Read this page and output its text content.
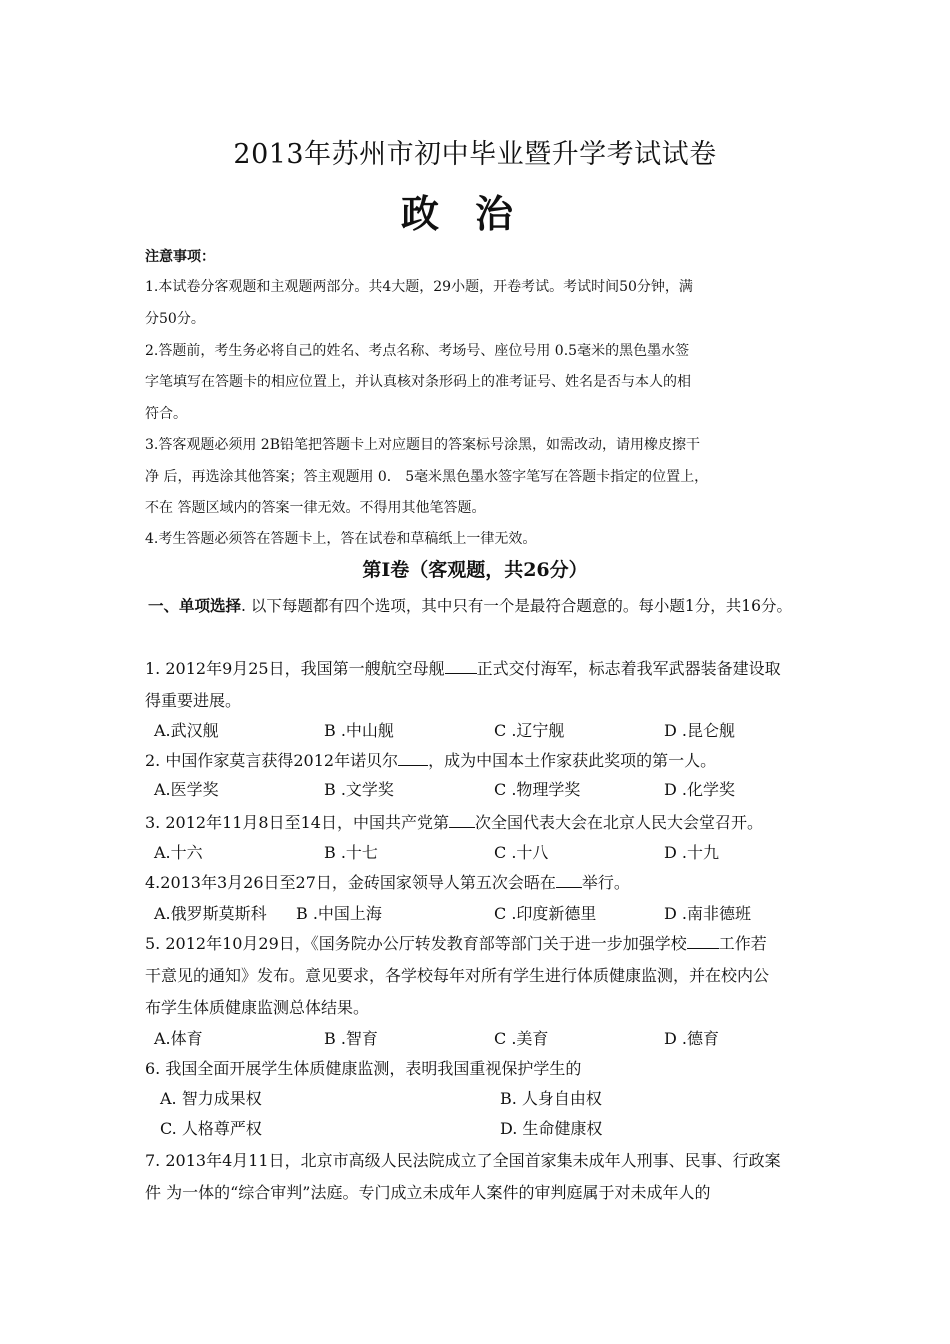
2013年苏州市初中毕业暨升学考试试卷
政治
注意事项：
1.本试卷分客观题和主观题两部分。共4大题，29小题，开卷考试。考试时间50分钟，满
分50分。
2.答题前，考生务必将自己的姓名、考点名称、考场号、座位号用 0.5毫米的黑色墨水签
字笔填写在答题卡的相应位置上，并认真核对条形码上的准考证号、姓名是否与本人的相
符合。
3.答客观题必须用 2B铅笔把答题卡上对应题目的答案标号涂黑，如需改动，请用橡皮擦干
净 后，再选涂其他答案；答主观题用 0． 5毫米黑色墨水签字笔写在答题卡指定的位置上，
不在 答题区域内的答案一律无效。不得用其他笔答题。
4.考生答题必须答在答题卡上，答在试卷和草稿纸上一律无效。
第I卷（客观题，共26分）
一、单项选择. 以下每题都有四个选项，其中只有一个是最符合题意的。每小题1分，共16分。
1. 2012年9月25日，我国第一艘航空母舰 正式交付海军，标志着我军武器装备建设取
得重要进展。
A.武汉舰	B .中山舰	C .辽宁舰	D .昆仑舰
2. 中国作家莫言获得2012年诺贝尔 ，成为中国本土作家获此奖项的第一人。
A.医学奖	B .文学奖	C .物理学奖	D .化学奖
3. 2012年11月8日至14日，中国共产党第 次全国代表大会在北京人民大会堂召开。
A.十六	B .十七	C .十八	D .十九
4.2013年3月26日至27日，金砖国家领导人第五次会晤在 举行。
A.俄罗斯莫斯科 B .中国上海	C .印度新德里	D .南非德班
5. 2012年10月29日，《国务院办公厅转发教育部等部门关于进一步加强学校 工作若
干意见的通知》发布。意见要求，各学校每年对所有学生进行体质健康监测，并在校内公
布学生体质健康监测总体结果。
A.体育	B .智育	C .美育	D .德育
6. 我国全面开展学生体质健康监测，表明我国重视保护学生的
A. 智力成果权	B. 人身自由权
C. 人格尊严权	D. 生命健康权
7. 2013年4月11日，北京市高级人民法院成立了全国首家集未成年人刑事、民事、行政案
件 为一体的“综合审判”法庭。专门成立未成年人案件的审判庭属于对未成年人的
